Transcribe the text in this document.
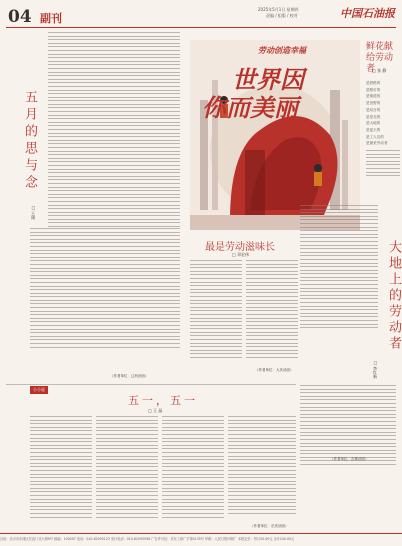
04 副刊
2025年5月1日 星期四
责编 / 组版 / 校对	中国石油报
五月的思与念
□ 王刚
（作者单位：辽河油田）
劳动创造幸福
世界因
你而美丽
鲜花献给劳动者
□ 张 静
是铁路的
是路灯的
是街道的
是田野的
是站台的
是星光的
是大地的
是蓝天的
是工人们的
是最美劳动者
大地上的劳动者
□ 李红新
（作者单位：吉林油田）
最是劳动滋味长
□ 邓宏伟
（作者单位：大庆油田）
小小说
五一，五一
□ 王 晶
（作者单位：长庆油田）
社址：北京市东城区东直门北大街9号 邮编：100007 电话：010-62095123 发行电话：010-62095098 广告许可证：京东工商广字第0135号 印刷：人民日报印刷厂 本报定价：每月20.00元 全年240.00元
